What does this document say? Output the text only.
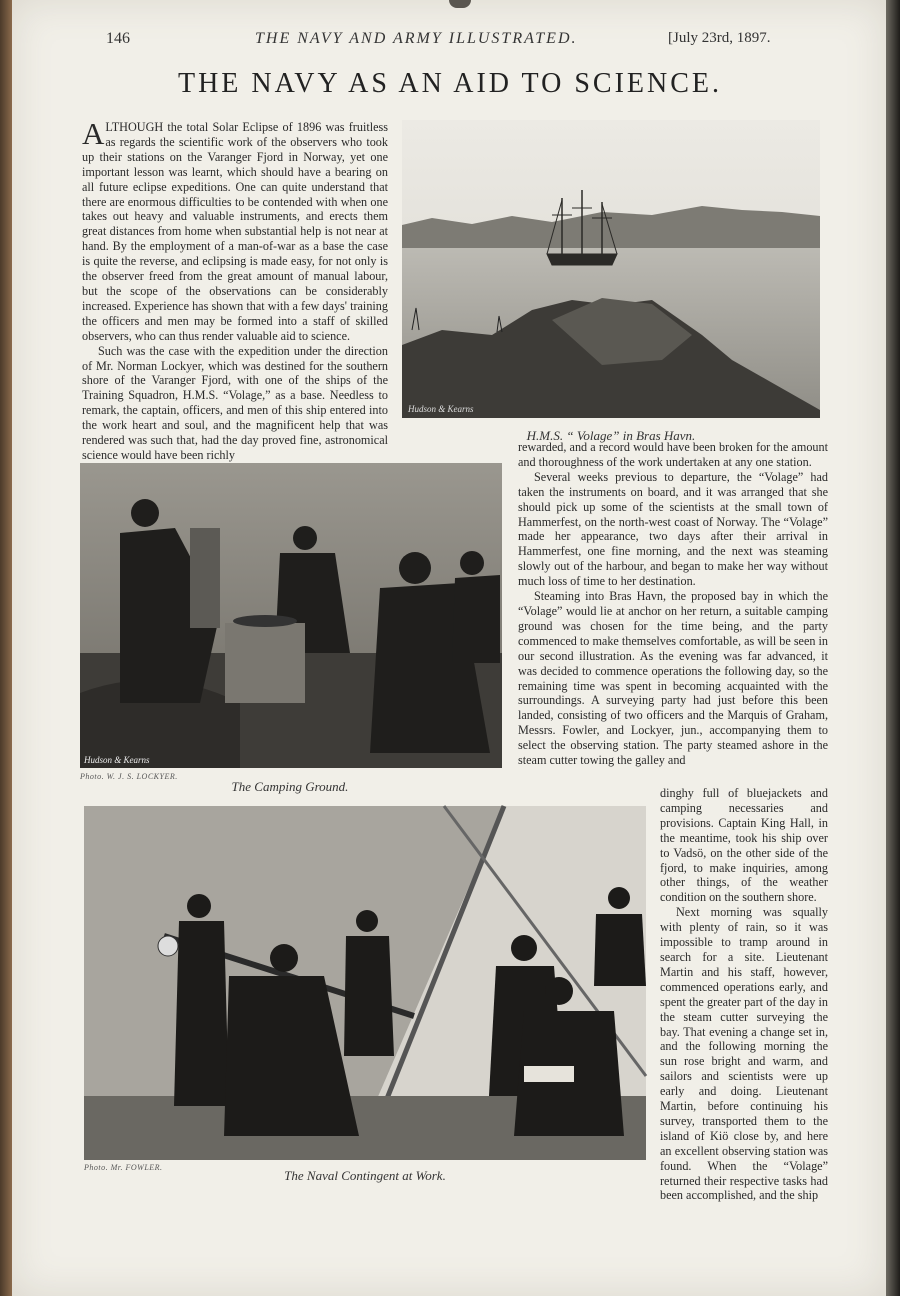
146	THE NAVY AND ARMY ILLUSTRATED.	[July 23rd, 1897.
THE NAVY AS AN AID TO SCIENCE.

ALTHOUGH the total Solar Eclipse of 1896 was fruitless as regards the scientific work of the observers who took up their stations on the Varanger Fjord in Norway, yet one important lesson was learnt, which should have a bearing on all future eclipse expeditions. One can quite understand that there are enormous difficulties to be contended with when one takes out heavy and valuable instruments, and erects them great distances from home when substantial help is not near at hand. By the employment of a man-of-war as a base the case is quite the reverse, and eclipsing is made easy, for not only is the observer freed from the great amount of manual labour, but the scope of the observations can be considerably increased. Experience has shown that with a few days' training the officers and men may be formed into a staff of skilled observers, who can thus render valuable aid to science.

Such was the case with the expedition under the direction of Mr. Norman Lockyer, which was destined for the southern shore of the Varanger Fjord, with one of the ships of the Training Squadron, H.M.S. “Volage,” as a base. Needless to remark, the captain, officers, and men of this ship entered into the work heart and soul, and the magnificent help that was rendered was such that, had the day proved fine, astronomical science would have been richly

Hudson & Kearns
H.M.S. “ Volage” in Bras Havn.
Hudson & Kearns
Photo. W. J. S. LOCKYER.
The Camping Ground.

rewarded, and a record would have been broken for the amount and thoroughness of the work undertaken at any one station.

Several weeks previous to departure, the “Volage” had taken the instruments on board, and it was arranged that she should pick up some of the scientists at the small town of Hammerfest, on the north-west coast of Norway. The “Volage” made her appearance, two days after their arrival in Hammerfest, one fine morning, and the next was steaming slowly out of the harbour, and began to make her way without much loss of time to her destination.

Steaming into Bras Havn, the proposed bay in which the “Volage” would lie at anchor on her return, a suitable camping ground was chosen for the time being, and the party commenced to make themselves comfortable, as will be seen in our second illustration. As the evening was far advanced, it was decided to commence operations the following day, so the remaining time was spent in becoming acquainted with the surroundings. A surveying party had just before this been landed, consisting of two officers and the Marquis of Graham, Messrs. Fowler, and Lockyer, jun., accompanying them to select the observing station. The party steamed ashore in the steam cutter towing the galley and

Photo. Mr. FOWLER.
The Naval Contingent at Work.

dinghy full of bluejackets and camping necessaries and provisions. Captain King Hall, in the meantime, took his ship over to Vadsö, on the other side of the fjord, to make inquiries, among other things, of the weather condition on the southern shore.

Next morning was squally with plenty of rain, so it was impossible to tramp around in search for a site. Lieutenant Martin and his staff, however, commenced operations early, and spent the greater part of the day in the steam cutter surveying the bay. That evening a change set in, and the following morning the sun rose bright and warm, and sailors and scientists were up early and doing. Lieutenant Martin, before continuing his survey, transported them to the island of Kiö close by, and here an excellent observing station was found. When the “Volage” returned their respective tasks had been accomplished, and the ship
